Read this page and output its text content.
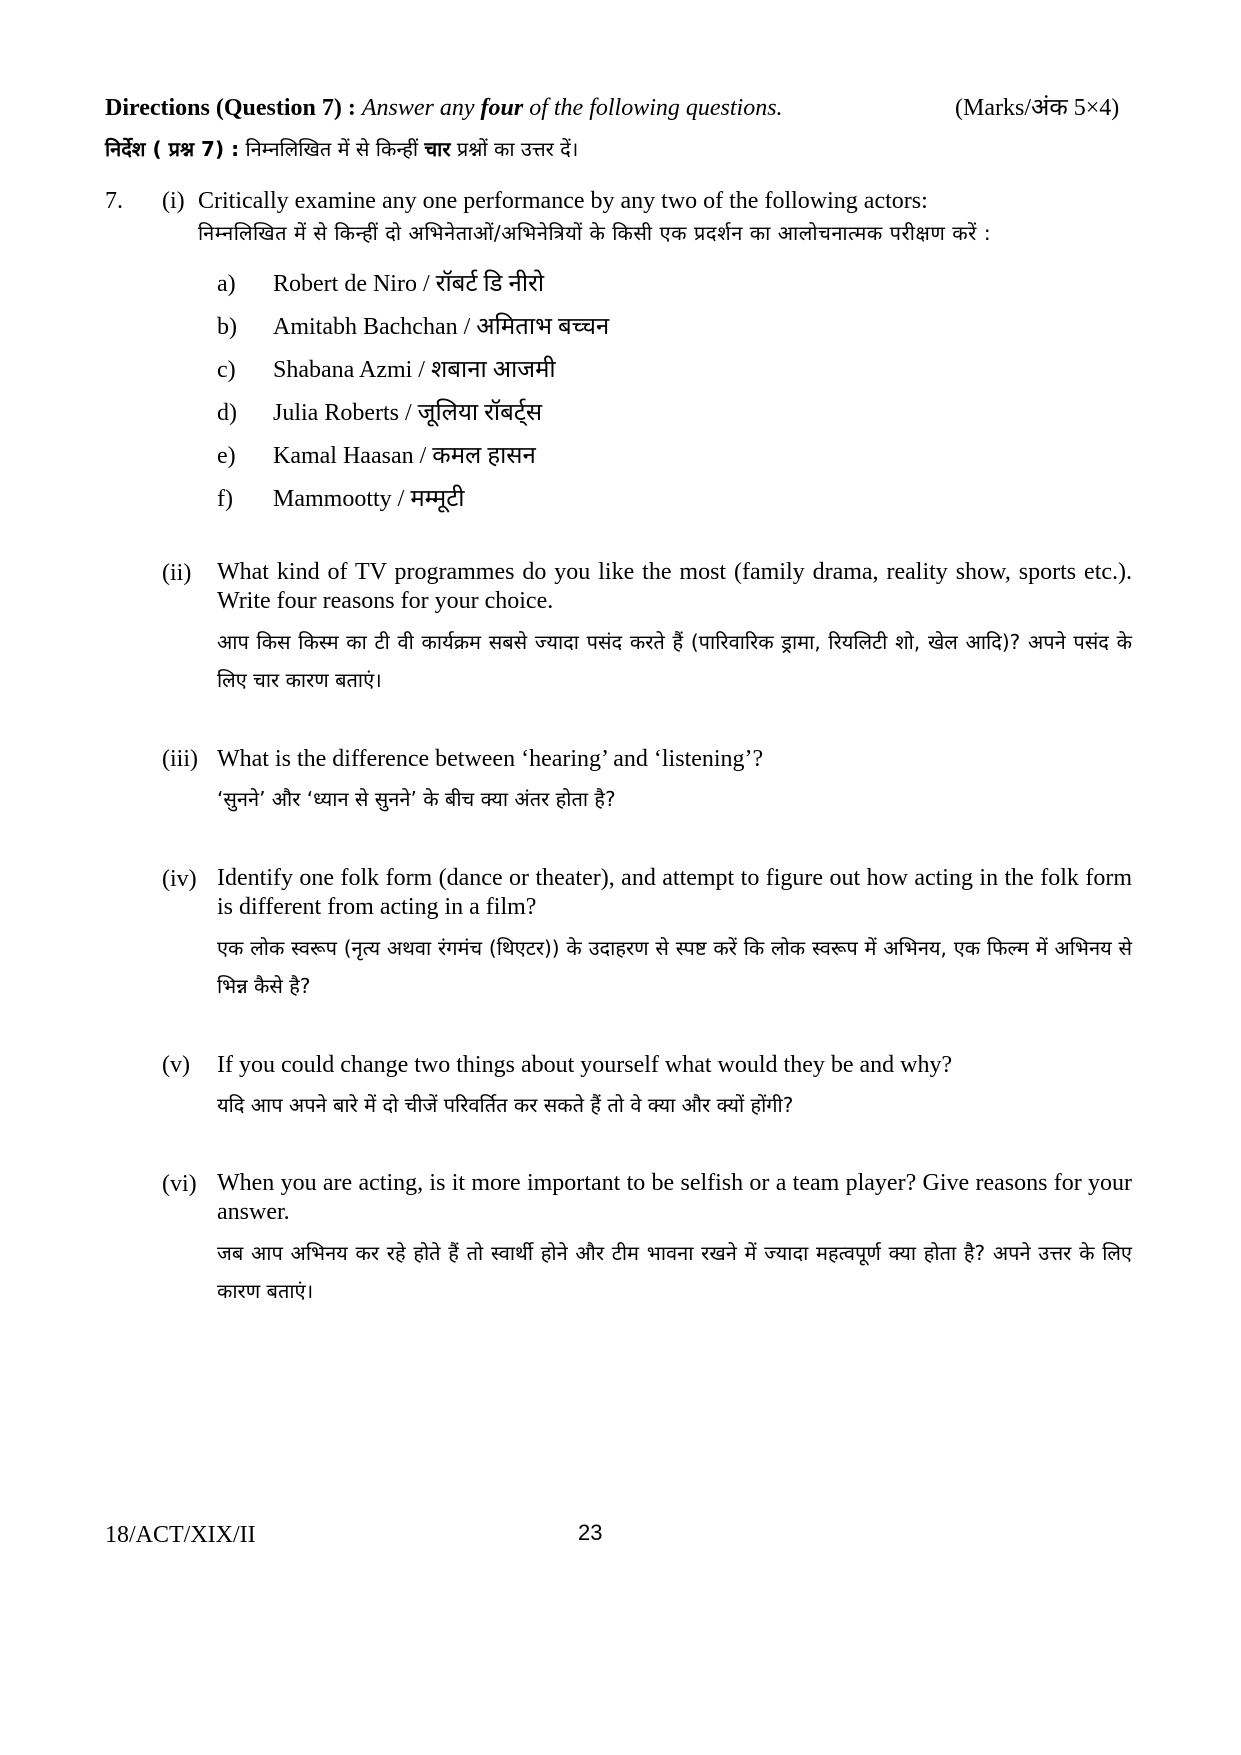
Directions (Question 7) : Answer any four of the following questions.	(Marks/अंक 5×4)
निर्देश ( प्रश्न 7) : निम्नलिखित में से किन्हीं चार प्रश्नों का उत्तर दें।
7. (i) Critically examine any one performance by any two of the following actors:
निम्नलिखित में से किन्हीं दो अभिनेताओं/अभिनेत्रियों के किसी एक प्रदर्शन का आलोचनात्मक परीक्षण करें :
a) Robert de Niro / रॉबर्ट डि नीरो
b) Amitabh Bachchan / अमिताभ बच्चन
c) Shabana Azmi / शबाना आजमी
d) Julia Roberts / जूलिया रॉबर्ट्स
e) Kamal Haasan / कमल हासन
f) Mammootty / मम्मूटी
(ii) What kind of TV programmes do you like the most (family drama, reality show, sports etc.). Write four reasons for your choice.
आप किस किस्म का टी वी कार्यक्रम सबसे ज्यादा पसंद करते हैं (पारिवारिक ड्रामा, रियलिटी शो, खेल आदि)? अपने पसंद के लिए चार कारण बताएं।
(iii) What is the difference between ‘hearing’ and ‘listening’?
‘सुनने’ और ‘ध्यान से सुनने’ के बीच क्या अंतर होता है?
(iv) Identify one folk form (dance or theater), and attempt to figure out how acting in the folk form is different from acting in a film?
एक लोक स्वरूप (नृत्य अथवा रंगमंच (थिएटर)) के उदाहरण से स्पष्ट करें कि लोक स्वरूप में अभिनय, एक फिल्म में अभिनय से भिन्न कैसे है?
(v) If you could change two things about yourself what would they be and why?
यदि आप अपने बारे में दो चीजें परिवर्तित कर सकते हैं तो वे क्या और क्यों होंगी?
(vi) When you are acting, is it more important to be selfish or a team player? Give reasons for your answer.
जब आप अभिनय कर रहे होते हैं तो स्वार्थी होने और टीम भावना रखने में ज्यादा महत्वपूर्ण क्या होता है? अपने उत्तर के लिए कारण बताएं।
18/ACT/XIX/II	23
